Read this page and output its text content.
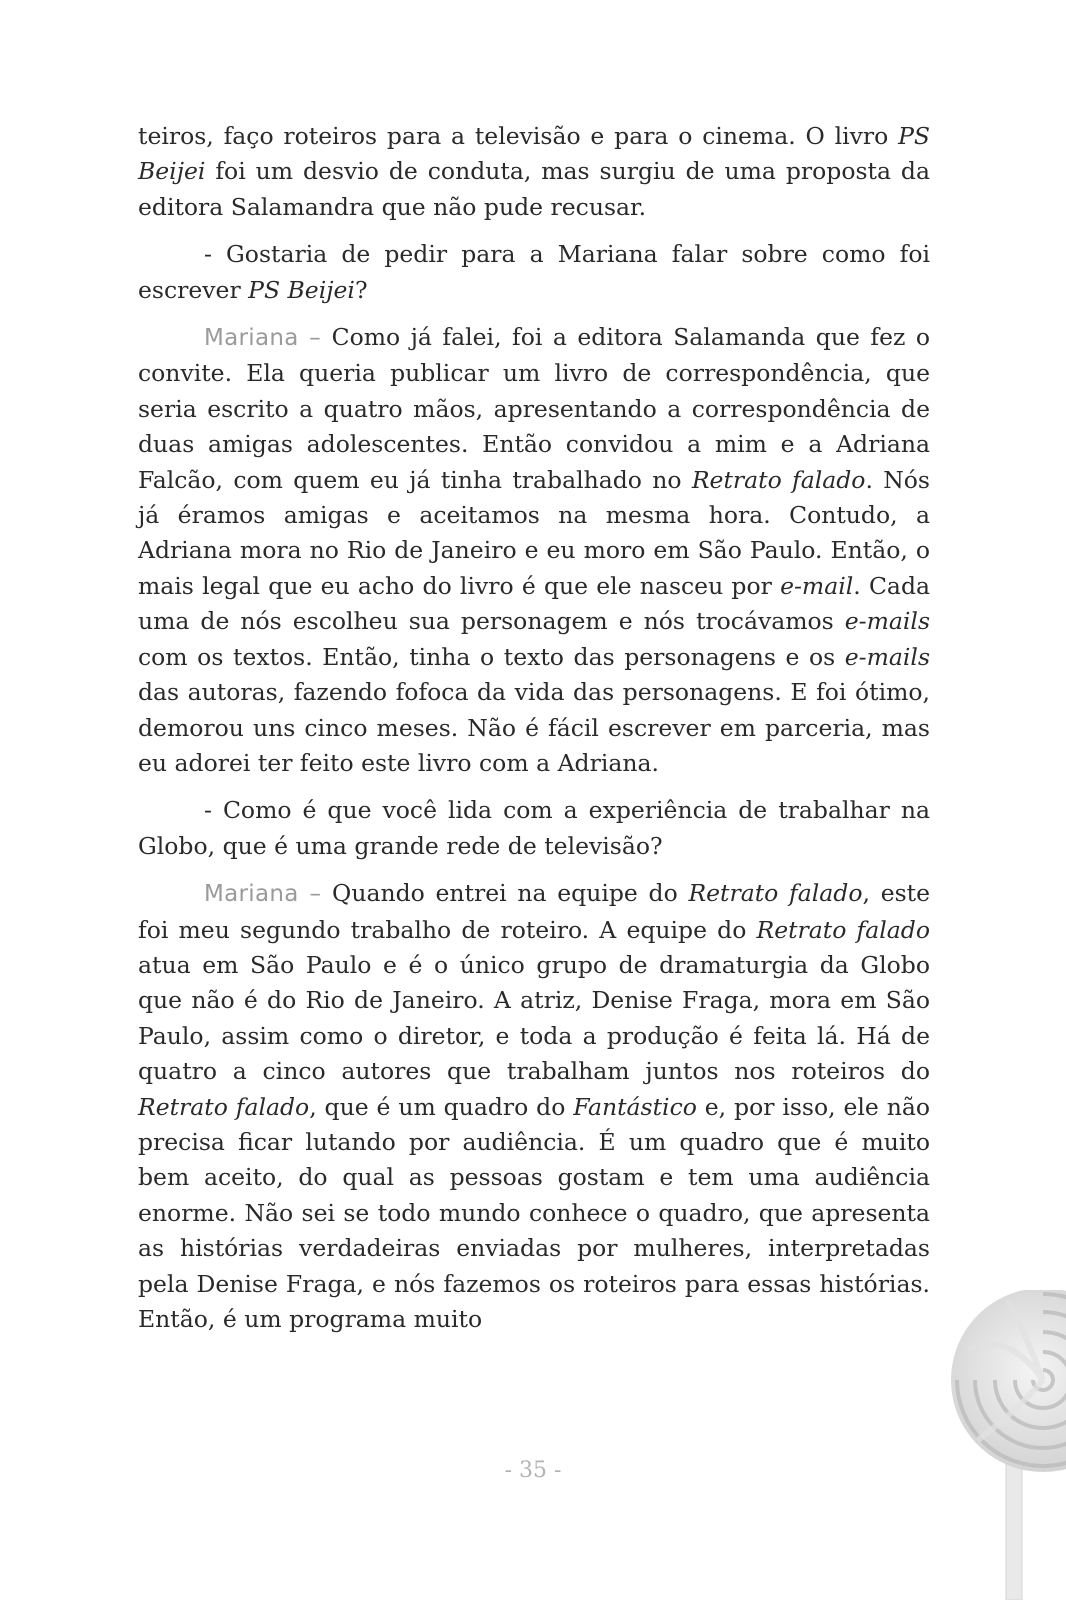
teiros, faço roteiros para a televisão e para o cinema. O livro PS Beijei foi um desvio de conduta, mas surgiu de uma proposta da editora Salamandra que não pude recusar.

- Gostaria de pedir para a Mariana falar sobre como foi escrever PS Beijei?

Mariana – Como já falei, foi a editora Salamanda que fez o convite. Ela queria publicar um livro de correspondência, que seria escrito a quatro mãos, apresentando a correspondência de duas amigas adolescentes. Então convidou a mim e a Adriana Falcão, com quem eu já tinha trabalhado no Retrato falado. Nós já éramos amigas e aceitamos na mesma hora. Contudo, a Adriana mora no Rio de Janeiro e eu moro em São Paulo. Então, o mais legal que eu acho do livro é que ele nasceu por e-mail. Cada uma de nós escolheu sua personagem e nós trocávamos e-mails com os textos. Então, tinha o texto das personagens e os e-mails das autoras, fazendo fofoca da vida das personagens. E foi ótimo, demorou uns cinco meses. Não é fácil escrever em parceria, mas eu adorei ter feito este livro com a Adriana.

- Como é que você lida com a experiência de trabalhar na Globo, que é uma grande rede de televisão?

Mariana – Quando entrei na equipe do Retrato falado, este foi meu segundo trabalho de roteiro. A equipe do Retrato falado atua em São Paulo e é o único grupo de dramaturgia da Globo que não é do Rio de Janeiro. A atriz, Denise Fraga, mora em São Paulo, assim como o diretor, e toda a produção é feita lá. Há de quatro a cinco autores que trabalham juntos nos roteiros do Retrato falado, que é um quadro do Fantástico e, por isso, ele não precisa ficar lutando por audiência. É um quadro que é muito bem aceito, do qual as pessoas gostam e tem uma audiência enorme. Não sei se todo mundo conhece o quadro, que apresenta as histórias verdadeiras enviadas por mulheres, interpretadas pela Denise Fraga, e nós fazemos os roteiros para essas histórias. Então, é um programa muito

- 35 -
